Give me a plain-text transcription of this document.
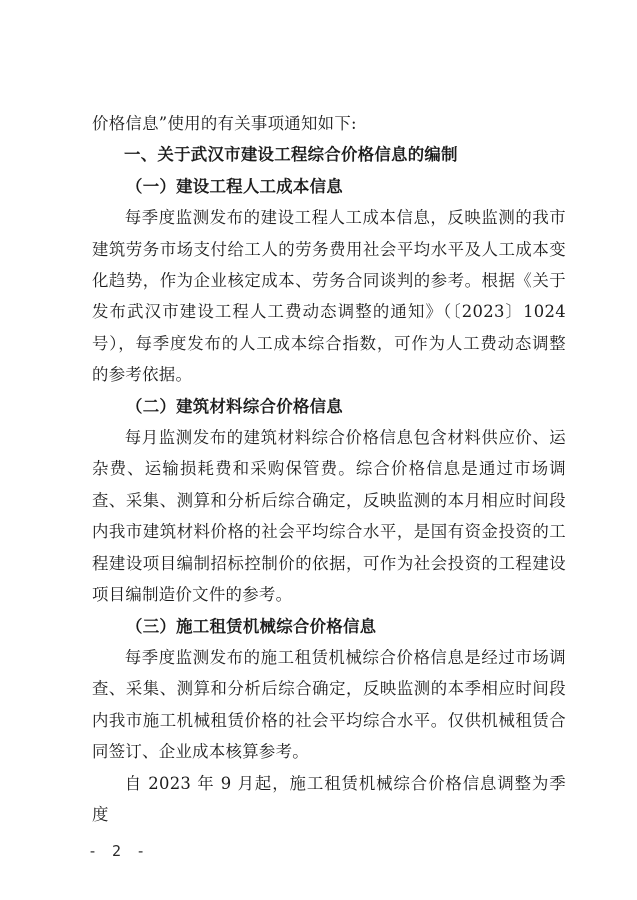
价格信息”使用的有关事项通知如下:

一、关于武汉市建设工程综合价格信息的编制

（一）建设工程人工成本信息

每季度监测发布的建设工程人工成本信息，反映监测的我市建筑劳务市场支付给工人的劳务费用社会平均水平及人工成本变化趋势，作为企业核定成本、劳务合同谈判的参考。根据《关于发布武汉市建设工程人工费动态调整的通知》（〔2023〕1024号），每季度发布的人工成本综合指数，可作为人工费动态调整的参考依据。

（二）建筑材料综合价格信息

每月监测发布的建筑材料综合价格信息包含材料供应价、运杂费、运输损耗费和采购保管费。综合价格信息是通过市场调查、采集、测算和分析后综合确定，反映监测的本月相应时间段内我市建筑材料价格的社会平均综合水平，是国有资金投资的工程建设项目编制招标控制价的依据，可作为社会投资的工程建设项目编制造价文件的参考。

（三）施工租赁机械综合价格信息

每季度监测发布的施工租赁机械综合价格信息是经过市场调查、采集、测算和分析后综合确定，反映监测的本季相应时间段内我市施工机械租赁价格的社会平均综合水平。仅供机械租赁合同签订、企业成本核算参考。

自 2023 年 9 月起，施工租赁机械综合价格信息调整为季度

- 2 -
